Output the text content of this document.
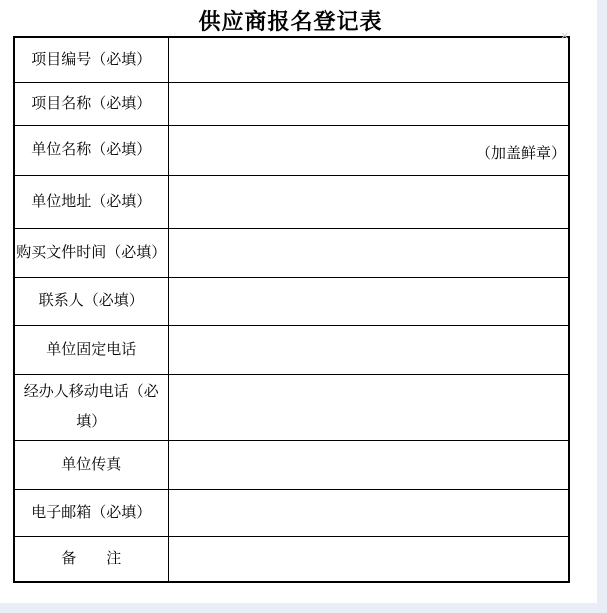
供应商报名登记表
×
项目编号（必填）	
项目名称（必填）	
单位名称（必填）	（加盖鲜章）
单位地址（必填）	
购买文件时间（必填）	
联系人（必填）	
单位固定电话	
经办人移动电话（必填）	
单位传真	
电子邮箱（必填）	
备　　注	
